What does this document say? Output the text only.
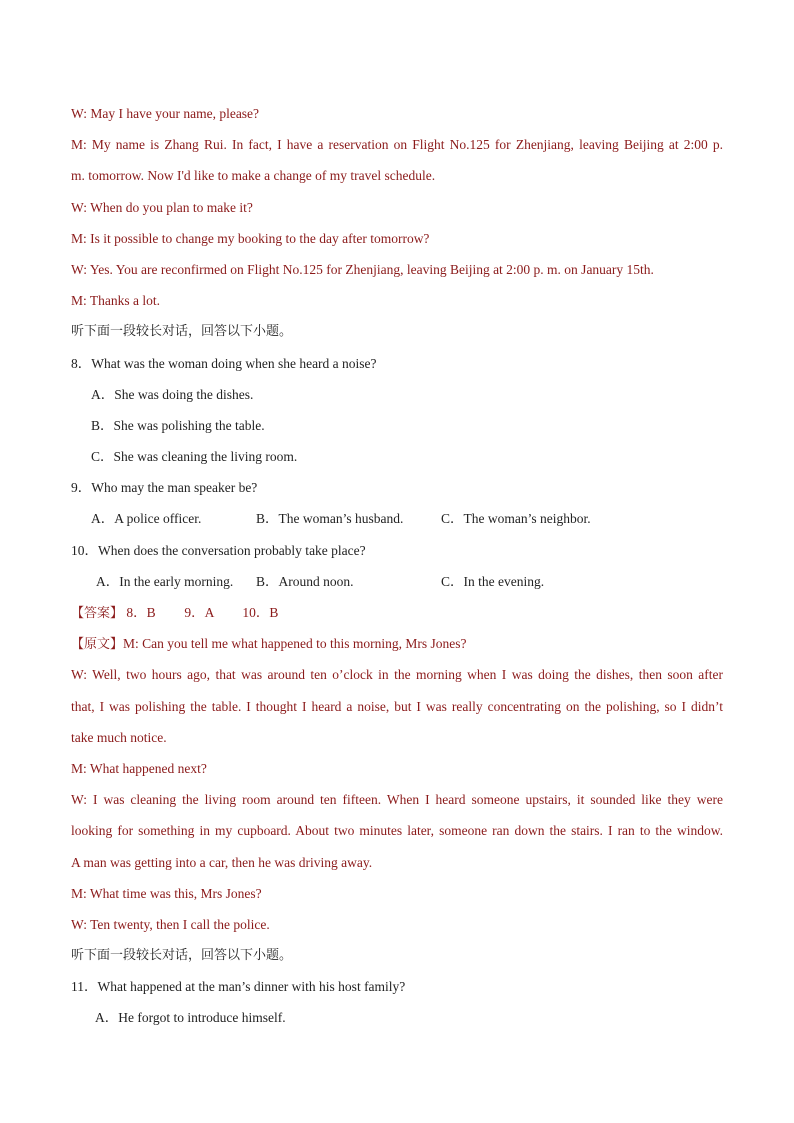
W: May I have your name, please?
M: My name is Zhang Rui. In fact, I have a reservation on Flight No.125 for Zhenjiang, leaving Beijing at 2:00 p.
m. tomorrow. Now I'd like to make a change of my travel schedule.
W: When do you plan to make it?
M: Is it possible to change my booking to the day after tomorrow?
W: Yes. You are reconfirmed on Flight No.125 for Zhenjiang, leaving Beijing at 2:00 p. m. on January 15th.
M: Thanks a lot.
听下面一段较长对话，回答以下小题。
8．What was the woman doing when she heard a noise?
A．She was doing the dishes.
B．She was polishing the table.
C．She was cleaning the living room.
9．Who may the man speaker be?
A．A police officer.	B．The woman’s husband.	C．The woman’s neighbor.
10．When does the conversation probably take place?
A．In the early morning.	B．Around noon.	C．In the evening.
【答案】 8．B 9．A 10．B
【原文】M: Can you tell me what happened to this morning, Mrs Jones?
W: Well, two hours ago, that was around ten o’clock in the morning when I was doing the dishes, then soon after
that, I was polishing the table. I thought I heard a noise, but I was really concentrating on the polishing, so I didn’t
take much notice.
M: What happened next?
W: I was cleaning the living room around ten fifteen. When I heard someone upstairs, it sounded like they were
looking for something in my cupboard. About two minutes later, someone ran down the stairs. I ran to the window.
A man was getting into a car, then he was driving away.
M: What time was this, Mrs Jones?
W: Ten twenty, then I call the police.
听下面一段较长对话，回答以下小题。
11．What happened at the man’s dinner with his host family?
A．He forgot to introduce himself.
